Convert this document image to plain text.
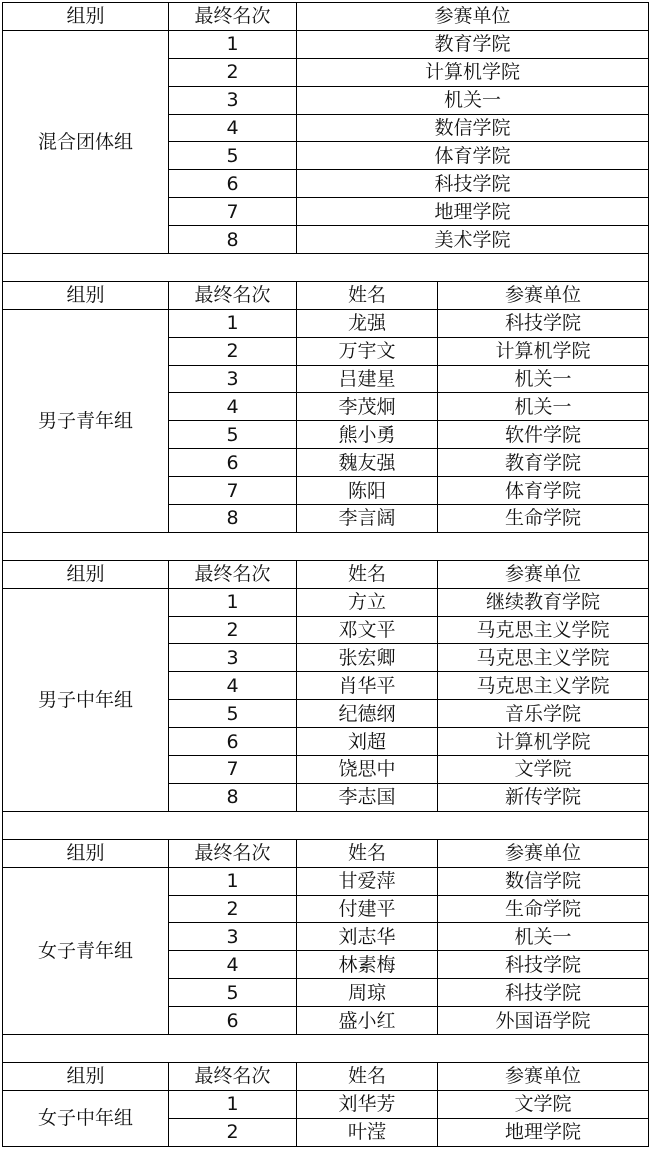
组别	最终名次	参赛单位	
混合团体组	1	教育学院	
	2	计算机学院	
	3	机关一	
	4	数信学院	
	5	体育学院	
	6	科技学院	
	7	地理学院	
	8	美术学院	

组别	最终名次	姓名	参赛单位
男子青年组	1	龙强	科技学院
	2	万宇文	计算机学院
	3	吕建星	机关一
	4	李茂炯	机关一
	5	熊小勇	软件学院
	6	魏友强	教育学院
	7	陈阳	体育学院
	8	李言阔	生命学院

组别	最终名次	姓名	参赛单位
男子中年组	1	方立	继续教育学院
	2	邓文平	马克思主义学院
	3	张宏卿	马克思主义学院
	4	肖华平	马克思主义学院
	5	纪德纲	音乐学院
	6	刘超	计算机学院
	7	饶思中	文学院
	8	李志国	新传学院

组别	最终名次	姓名	参赛单位
女子青年组	1	甘爱萍	数信学院
	2	付建平	生命学院
	3	刘志华	机关一
	4	林素梅	科技学院
	5	周琼	科技学院
	6	盛小红	外国语学院

组别	最终名次	姓名	参赛单位
女子中年组	1	刘华芳	文学院
	2	叶滢	地理学院
